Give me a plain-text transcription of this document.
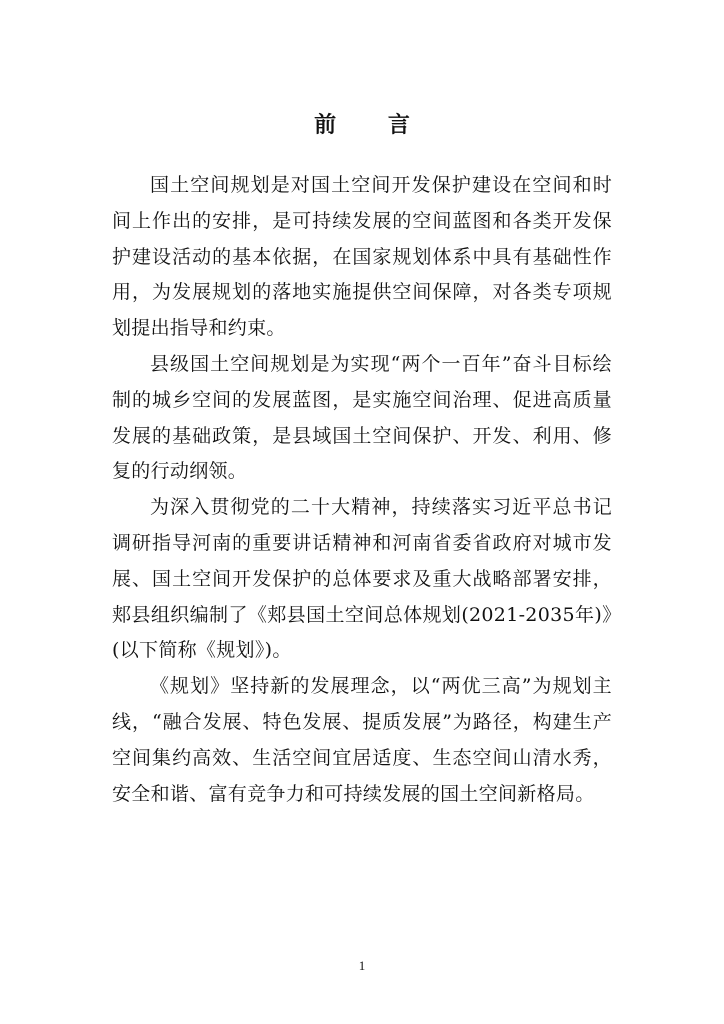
前 言

国土空间规划是对国土空间开发保护建设在空间和时间上作出的安排，是可持续发展的空间蓝图和各类开发保护建设活动的基本依据，在国家规划体系中具有基础性作用，为发展规划的落地实施提供空间保障，对各类专项规划提出指导和约束。

县级国土空间规划是为实现“两个一百年”奋斗目标绘制的城乡空间的发展蓝图，是实施空间治理、促进高质量发展的基础政策，是县域国土空间保护、开发、利用、修复的行动纲领。

为深入贯彻党的二十大精神，持续落实习近平总书记调研指导河南的重要讲话精神和河南省委省政府对城市发展、国土空间开发保护的总体要求及重大战略部署安排，郏县组织编制了《郏县国土空间总体规划(2021-2035年)》(以下简称《规划》)。

《规划》坚持新的发展理念，以“两优三高”为规划主线，“融合发展、特色发展、提质发展”为路径，构建生产空间集约高效、生活空间宜居适度、生态空间山清水秀，安全和谐、富有竞争力和可持续发展的国土空间新格局。

1
